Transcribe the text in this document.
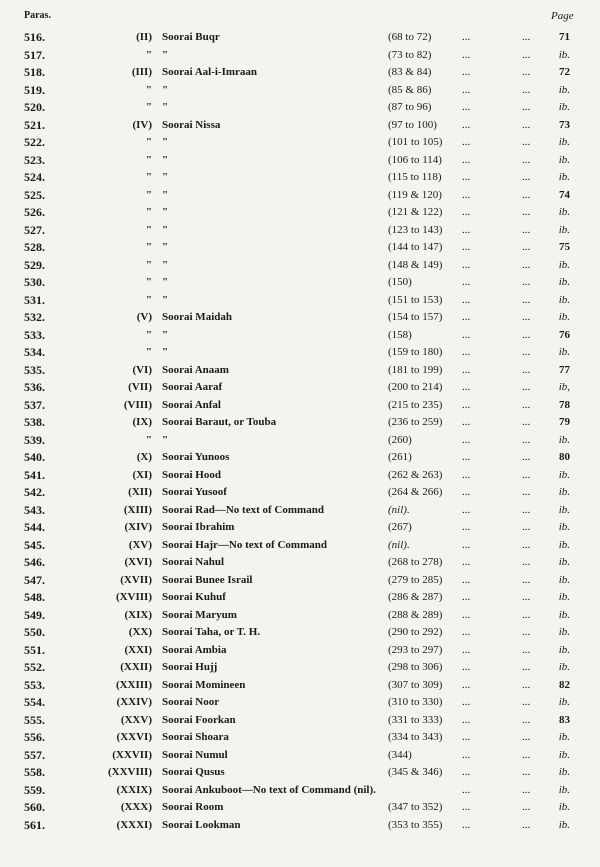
Paras.	Page
516.	(II) Soorai Buqr	(68 to 72)	...	...	71
517.	" "	(73 to 82)	...	...	ib.
518.	(III) Soorai Aal-i-Imraan	(83 & 84)	...	...	72
519.	" "	(85 & 86)	...	...	ib.
520.	" "	(87 to 96)	...	...	ib.
521.	(IV) Soorai Nissa	(97 to 100) ...	...	73
522.	" "	(101 to 105) ...	...	ib.
523.	" "	(106 to 114) ...	...	ib.
524.	" "	(115 to 118) ...	...	ib.
525.	" "	(119 & 120) ...	...	74
526.	" "	(121 & 122) ...	...	ib.
527.	" "	(123 to 143) ...	...	ib.
528.	" "	(144 to 147) ...	...	75
529.	" "	(148 & 149) ...	...	ib.
530.	" "	(150)	...	...	ib.
531.	" "	(151 to 153) ...	...	ib.
532.	(V) Soorai Maidah	(154 to 157) ...	...	ib.
533.	" "	(158)	...	...	76
534.	" "	(159 to 180) ...	...	ib.
535.	(VI) Soorai Anaam	(181 to 199) ...	...	77
536.	(VII) Soorai Aaraf	(200 to 214) ...	...	ib,
537.	(VIII) Soorai Anfal	(215 to 235) ...	...	78
538.	(IX) Soorai Baraut, or Touba	(236 to 259) ...	...	79
539.	" "	(260)	...	...	ib.
540.	(X) Soorai Yunoos	(261)	...	...	80
541.	(XI) Soorai Hood	(262 & 263) ...	...	ib.
542.	(XII) Soorai Yusoof	(264 & 266) ...	...	ib.
543.	(XIII) Soorai Rad—No text of Command	(nil).	...	...	ib.
544.	(XIV) Soorai Ibrahim	(267)	...	...	ib.
545.	(XV) Soorai Hajr—No text of Command	(nil).	...	...	ib.
546.	(XVI) Soorai Nahul	(268 to 278) ...	...	ib.
547.	(XVII) Soorai Bunee Israil	(279 to 285) ...	...	ib.
548.	(XVIII) Soorai Kuhuf	(286 & 287) ...	...	ib.
549.	(XIX) Soorai Maryum	(288 & 289) ...	...	ib.
550.	(XX) Soorai Taha, or T. H.	(290 to 292) ...	...	ib.
551.	(XXI) Soorai Ambia	(293 to 297) ...	...	ib.
552.	(XXII) Soorai Hujj	(298 to 306) ...	...	ib.
553.	(XXIII) Soorai Momineen	(307 to 309) ...	...	82
554.	(XXIV) Soorai Noor	(310 to 330) ...	...	ib.
555.	(XXV) Soorai Foorkan	(331 to 333) ...	...	83
556.	(XXVI) Soorai Shoara	(334 to 343) ...	...	ib.
557.	(XXVII) Soorai Numul	(344)	...	...	ib.
558.	(XXVIII) Soorai Qusus	(345 & 346) ...	...	ib.
559.	(XXIX) Soorai Ankuboot—No text of Command (nil).	...	...	ib.
560.	(XXX) Soorai Room	(347 to 352) ...	...	ib.
561.	(XXXI) Soorai Lookman	(353 to 355) ...	...	ib.
